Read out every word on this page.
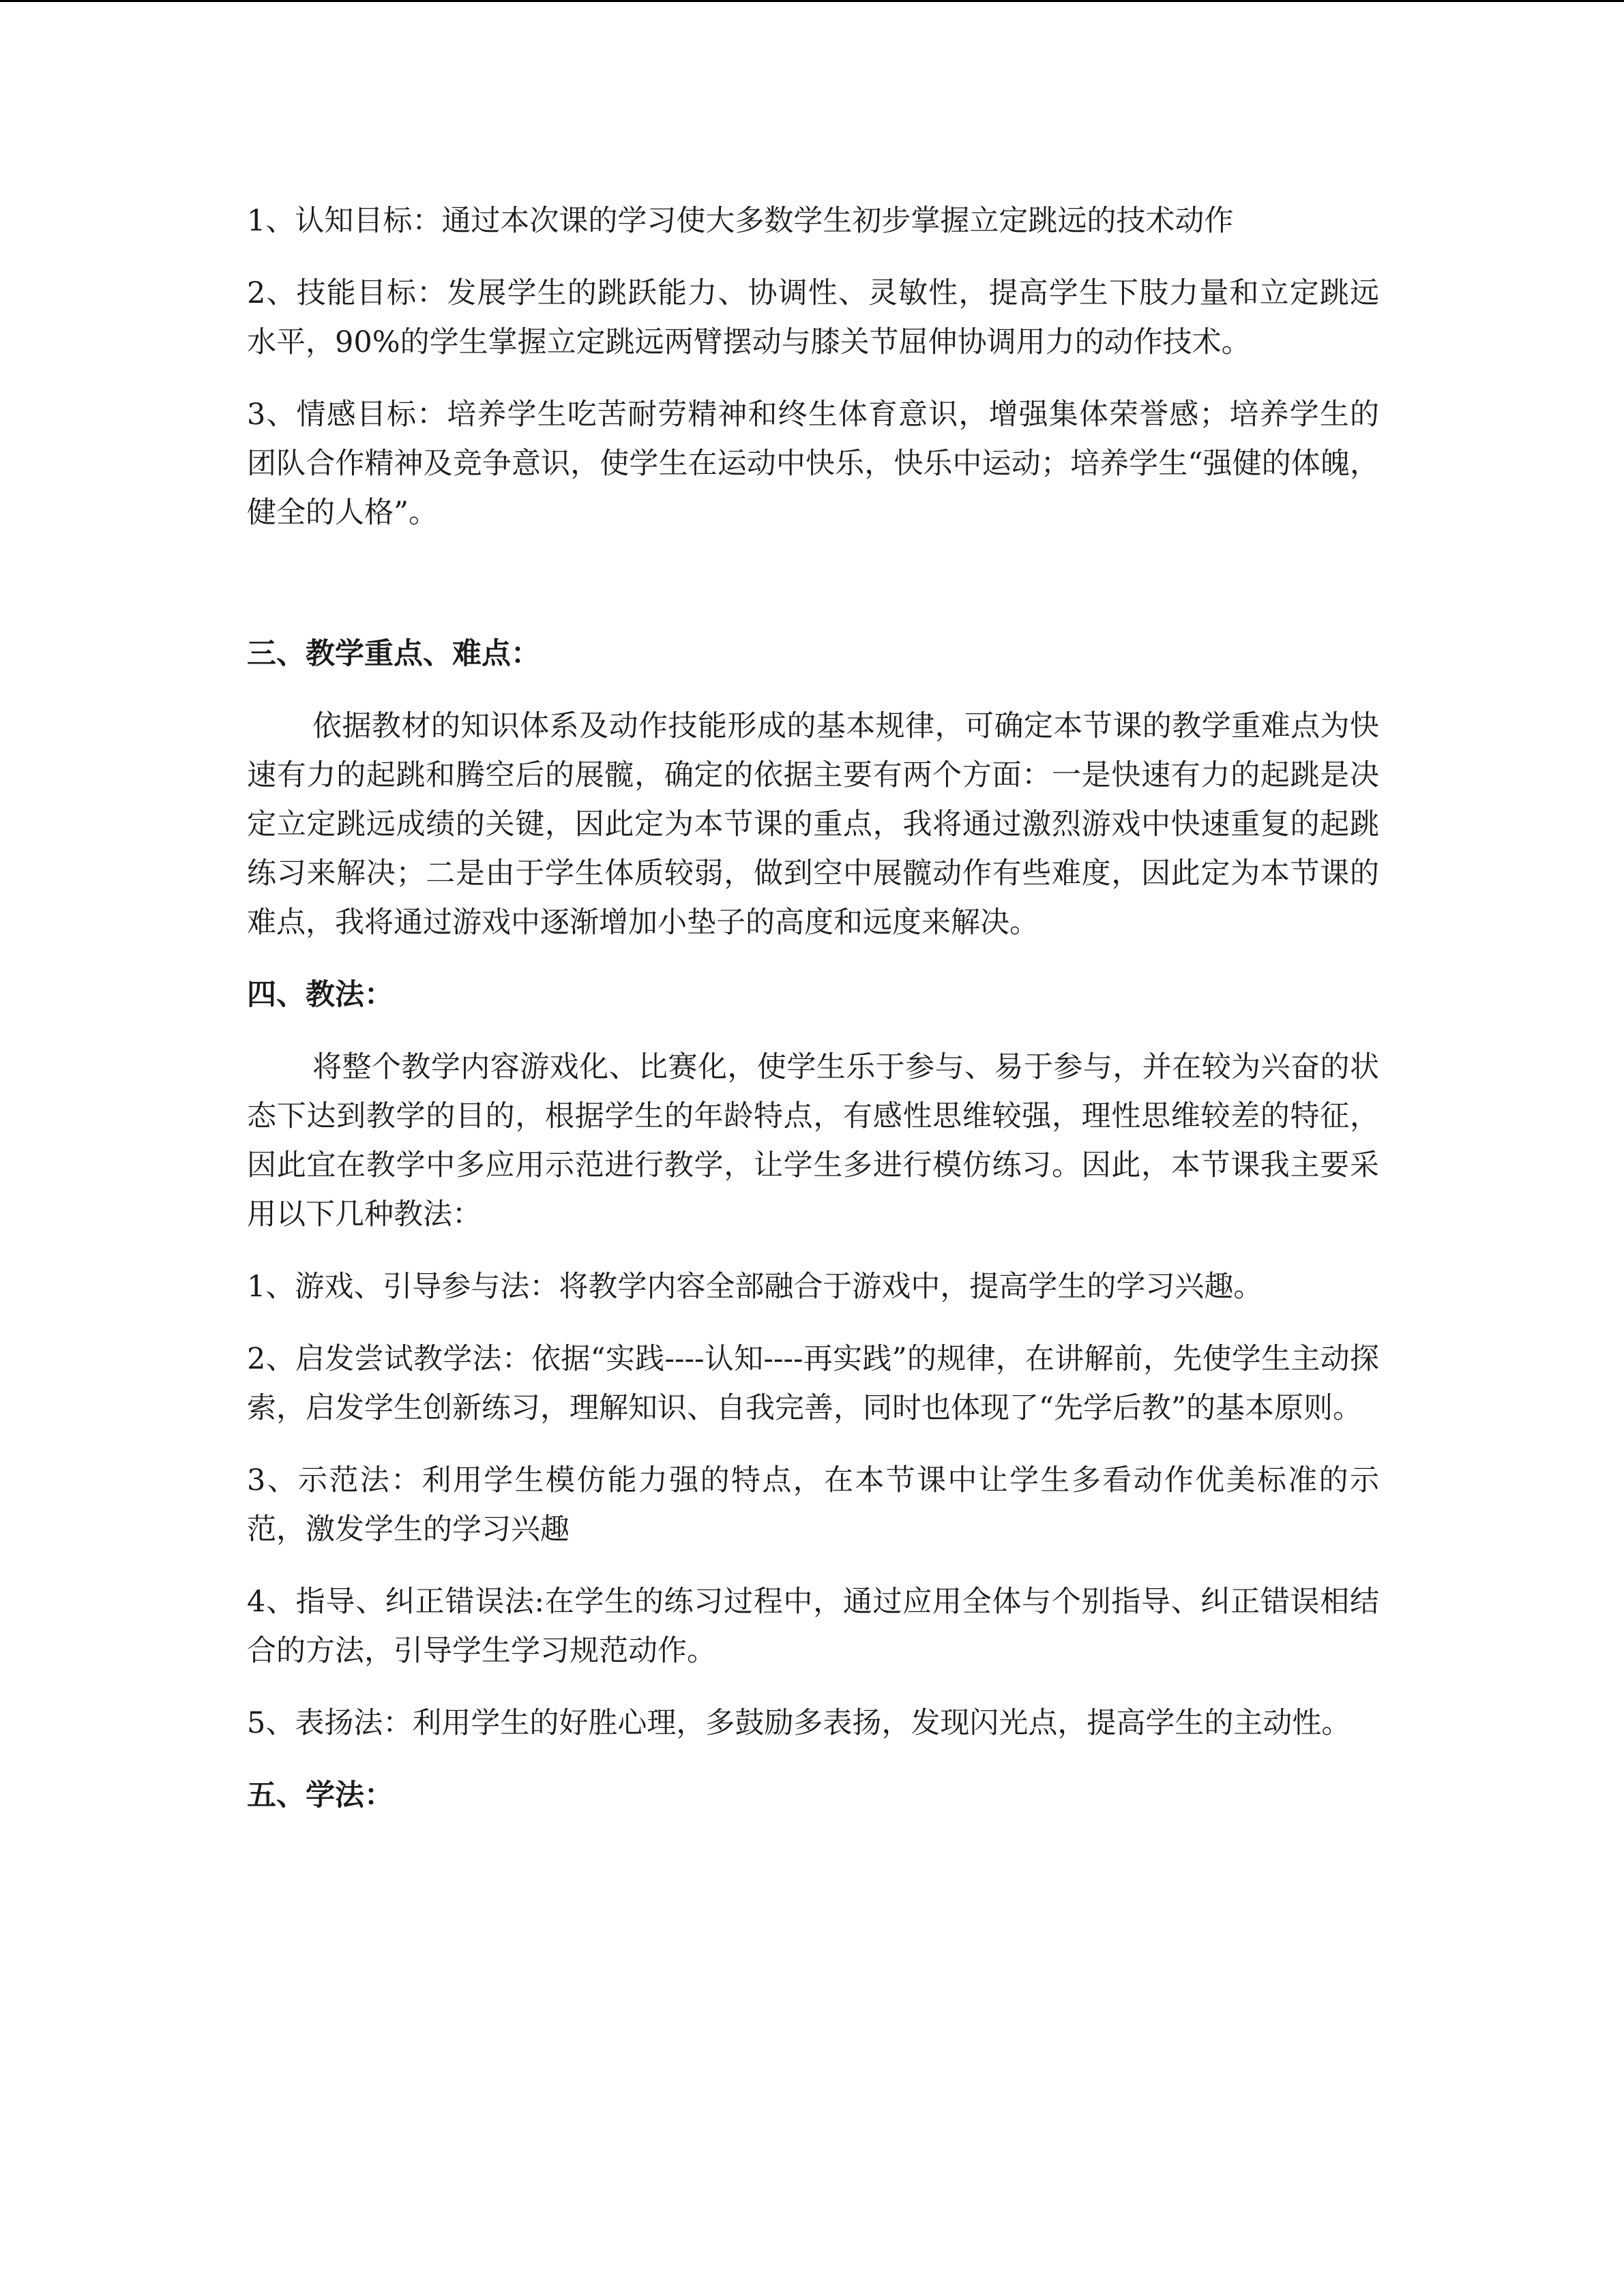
1、认知目标：通过本次课的学习使大多数学生初步掌握立定跳远的技术动作

2、技能目标：发展学生的跳跃能力、协调性、灵敏性，提高学生下肢力量和立定跳远水平，90%的学生掌握立定跳远两臂摆动与膝关节屈伸协调用力的动作技术。

3、情感目标：培养学生吃苦耐劳精神和终生体育意识，增强集体荣誉感；培养学生的团队合作精神及竞争意识，使学生在运动中快乐，快乐中运动；培养学生“强健的体魄，健全的人格”。

三、教学重点、难点：

依据教材的知识体系及动作技能形成的基本规律，可确定本节课的教学重难点为快速有力的起跳和腾空后的展髋，确定的依据主要有两个方面：一是快速有力的起跳是决定立定跳远成绩的关键，因此定为本节课的重点，我将通过激烈游戏中快速重复的起跳练习来解决；二是由于学生体质较弱，做到空中展髋动作有些难度，因此定为本节课的难点，我将通过游戏中逐渐增加小垫子的高度和远度来解决。

四、教法：

将整个教学内容游戏化、比赛化，使学生乐于参与、易于参与，并在较为兴奋的状态下达到教学的目的，根据学生的年龄特点，有感性思维较强，理性思维较差的特征，因此宜在教学中多应用示范进行教学，让学生多进行模仿练习。因此，本节课我主要采用以下几种教法：

1、游戏、引导参与法：将教学内容全部融合于游戏中，提高学生的学习兴趣。

2、启发尝试教学法：依据“实践----认知----再实践”的规律，在讲解前，先使学生主动探索，启发学生创新练习，理解知识、自我完善，同时也体现了“先学后教”的基本原则。

3、示范法：利用学生模仿能力强的特点，在本节课中让学生多看动作优美标准的示范，激发学生的学习兴趣

4、指导、纠正错误法:在学生的练习过程中，通过应用全体与个别指导、纠正错误相结合的方法，引导学生学习规范动作。

5、表扬法：利用学生的好胜心理，多鼓励多表扬，发现闪光点，提高学生的主动性。

五、学法：
